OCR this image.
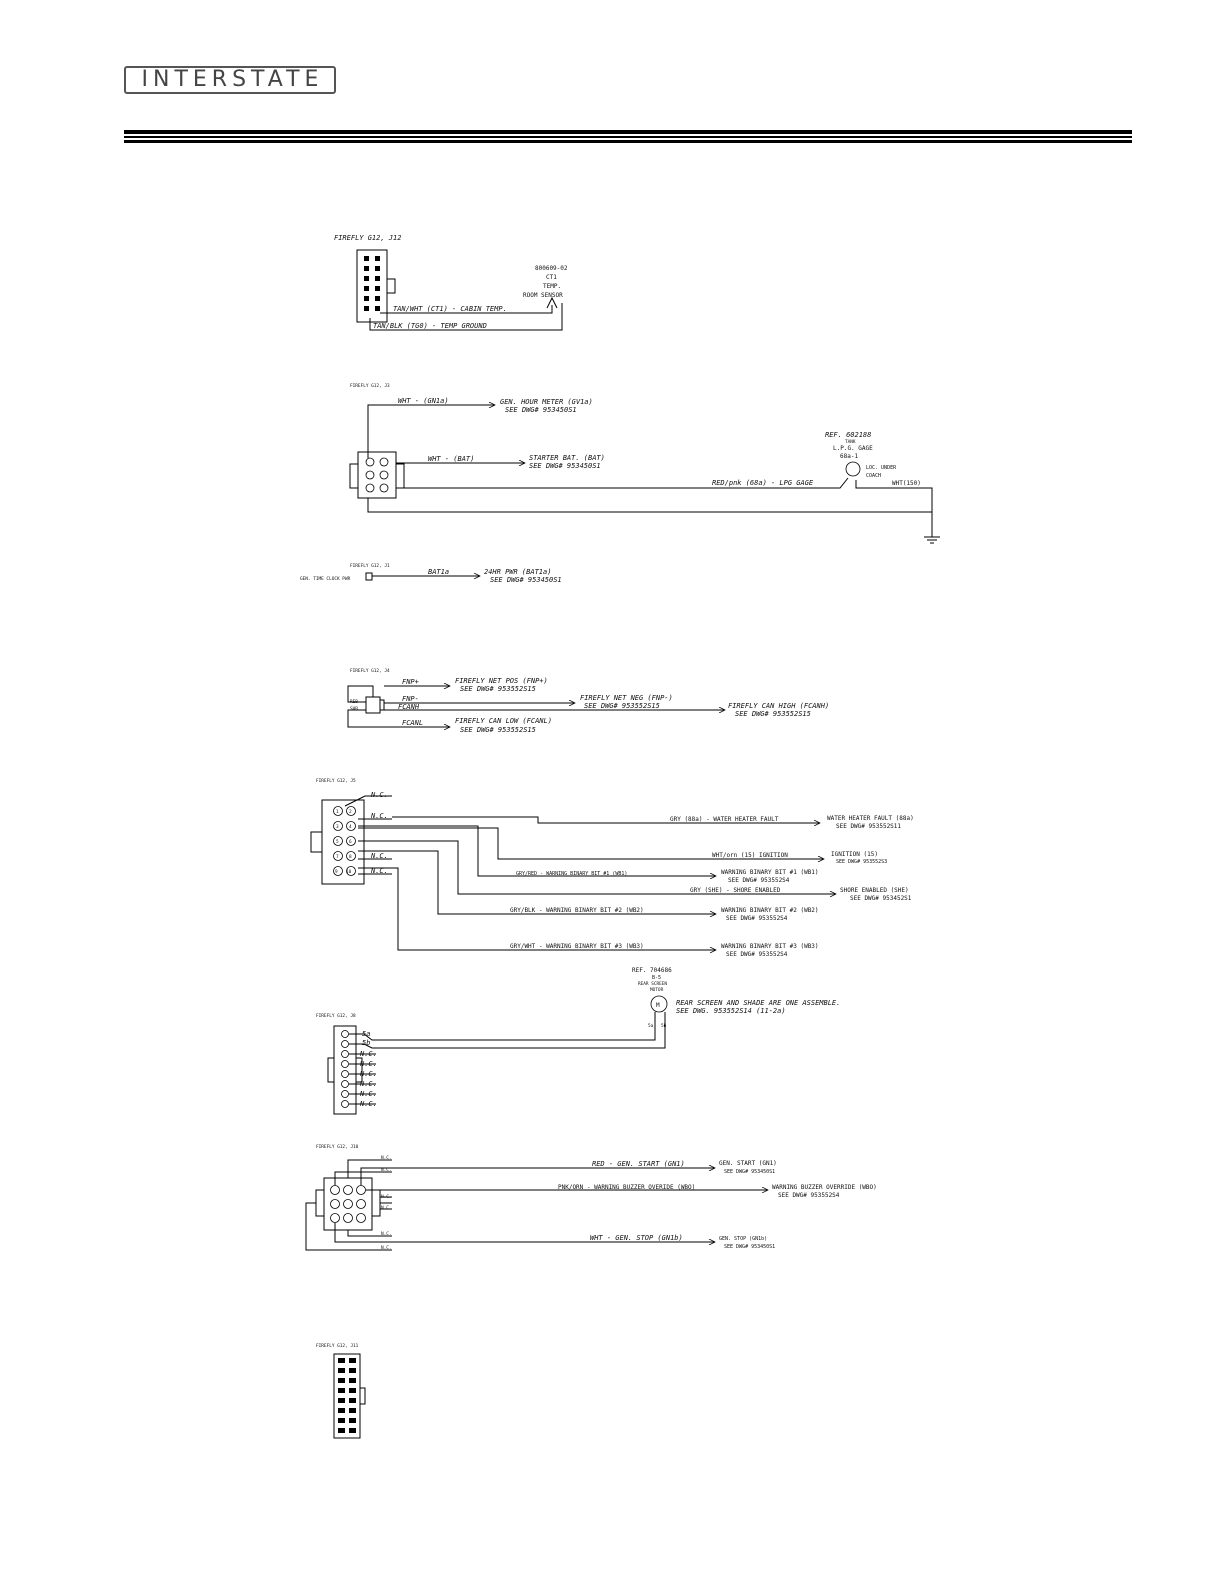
INTERSTATE
FIREFLY G12, J12
800609-02
CT1
TEMP.
ROOM SENSOR
TAN/WHT (CT1) - CABIN TEMP.
TAN/BLK (TG0) - TEMP GROUND
FIREFLY G12, J3
WHT - (GN1a)	GEN. HOUR METER (GV1a)
SEE DWG# 953450S1
WHT - (BAT)	STARTER BAT. (BAT)
SEE DWG# 953450S1
RED/pnk (68a) - LPG GAGE
REF. 602188
TANK
L.P.G. GAGE
68a-1
LOC. UNDER
COACH
WHT(150)
FIREFLY G12, J1
GEN. TIME CLOCK PWR
BAT1a	24HR PWR (BAT1a)
SEE DWG# 953450S1
FIREFLY G12, J4
REB
SHB
FNP+
FNP-
FCANH
FCANL
FIREFLY NET POS (FNP+)
SEE DWG# 953552S15
FIREFLY NET NEG (FNP-)
SEE DWG# 953552S15	FIREFLY CAN HIGH (FCANH)
SEE DWG# 953552S15
FIREFLY CAN LOW (FCANL)
SEE DWG# 953552S15
FIREFLY G12, J5
1 2
3 4
5 6
7 8
9 10
N.C.
N.C.
N.C.
N.C.
GRY (88a) - WATER HEATER FAULT	WATER HEATER FAULT (88a)
SEE DWG# 953552S11
WHT/orn (15) IGNITION	IGNITION (15)
SEE DWG# 953552S3
GRY/RED - WARNING BINARY BIT #1 (WB1)	WARNING BINARY BIT #1 (WB1)
SEE DWG# 953552S4
GRY (SHE) - SHORE ENABLED	SHORE ENABLED (SHE)
SEE DWG# 953452S1
GRY/BLK - WARNING BINARY BIT #2 (WB2)	WARNING BINARY BIT #2 (WB2)
SEE DWG# 953552S4
GRY/WHT - WARNING BINARY BIT #3 (WB3)	WARNING BINARY BIT #3 (WB3)
SEE DWG# 953552S4
REF. 704686
B-5
REAR SCREEN
MOTOR
M
5a 5b
REAR SCREEN AND SHADE ARE ONE ASSEMBLE.
SEE DWG. 953552S14 (11-2a)
FIREFLY G12, J8
5a
5b
N.C.
N.C.
N.C.
N.C.
N.C.
N.C.
FIREFLY G12, J10
N.C.
N.C.
N.C.
N.C.
N.C.
N.C.
RED - GEN. START (GN1)	GEN. START (GN1)
SEE DWG# 953450S1
PNK/ORN - WARNING BUZZER OVERIDE (WBO)	WARNING BUZZER OVERRIDE (WBO)
SEE DWG# 953552S4
WHT - GEN. STOP (GN1b)	GEN. STOP (GN1b)
SEE DWG# 953450S1
FIREFLY G12, J11
